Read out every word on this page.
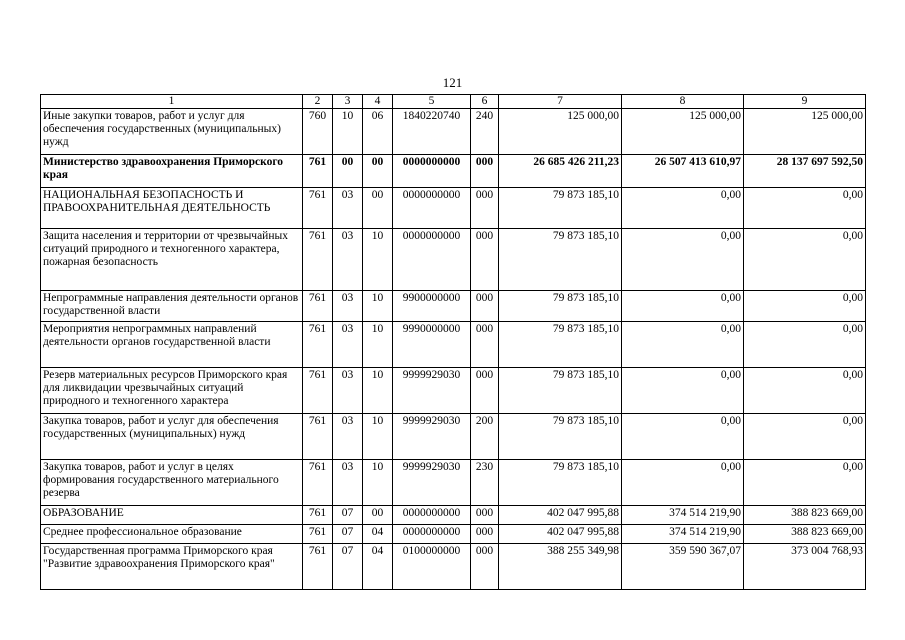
121
1	2	3	4	5	6	7	8	9
Иные закупки товаров, работ и услуг для обеспечения государственных (муниципальных) нужд	760	10	06	1840220740	240	125 000,00	125 000,00	125 000,00
Министерство здравоохранения Приморского края	761	00	00	0000000000	000	26 685 426 211,23	26 507 413 610,97	28 137 697 592,50
НАЦИОНАЛЬНАЯ БЕЗОПАСНОСТЬ И ПРАВООХРАНИТЕЛЬНАЯ ДЕЯТЕЛЬНОСТЬ	761	03	00	0000000000	000	79 873 185,10	0,00	0,00
Защита населения и территории от чрезвычайных ситуаций природного и техногенного характера, пожарная безопасность	761	03	10	0000000000	000	79 873 185,10	0,00	0,00
Непрограммные направления деятельности органов государственной власти	761	03	10	9900000000	000	79 873 185,10	0,00	0,00
Мероприятия непрограммных направлений деятельности органов государственной власти	761	03	10	9990000000	000	79 873 185,10	0,00	0,00
Резерв материальных ресурсов Приморского края для ликвидации чрезвычайных ситуаций природного и техногенного характера	761	03	10	9999929030	000	79 873 185,10	0,00	0,00
Закупка товаров, работ и услуг для обеспечения государственных (муниципальных) нужд	761	03	10	9999929030	200	79 873 185,10	0,00	0,00
Закупка товаров, работ и услуг в целях формирования государственного материального резерва	761	03	10	9999929030	230	79 873 185,10	0,00	0,00
ОБРАЗОВАНИЕ	761	07	00	0000000000	000	402 047 995,88	374 514 219,90	388 823 669,00
Среднее профессиональное образование	761	07	04	0000000000	000	402 047 995,88	374 514 219,90	388 823 669,00
Государственная программа Приморского края "Развитие здравоохранения Приморского края"	761	07	04	0100000000	000	388 255 349,98	359 590 367,07	373 004 768,93
